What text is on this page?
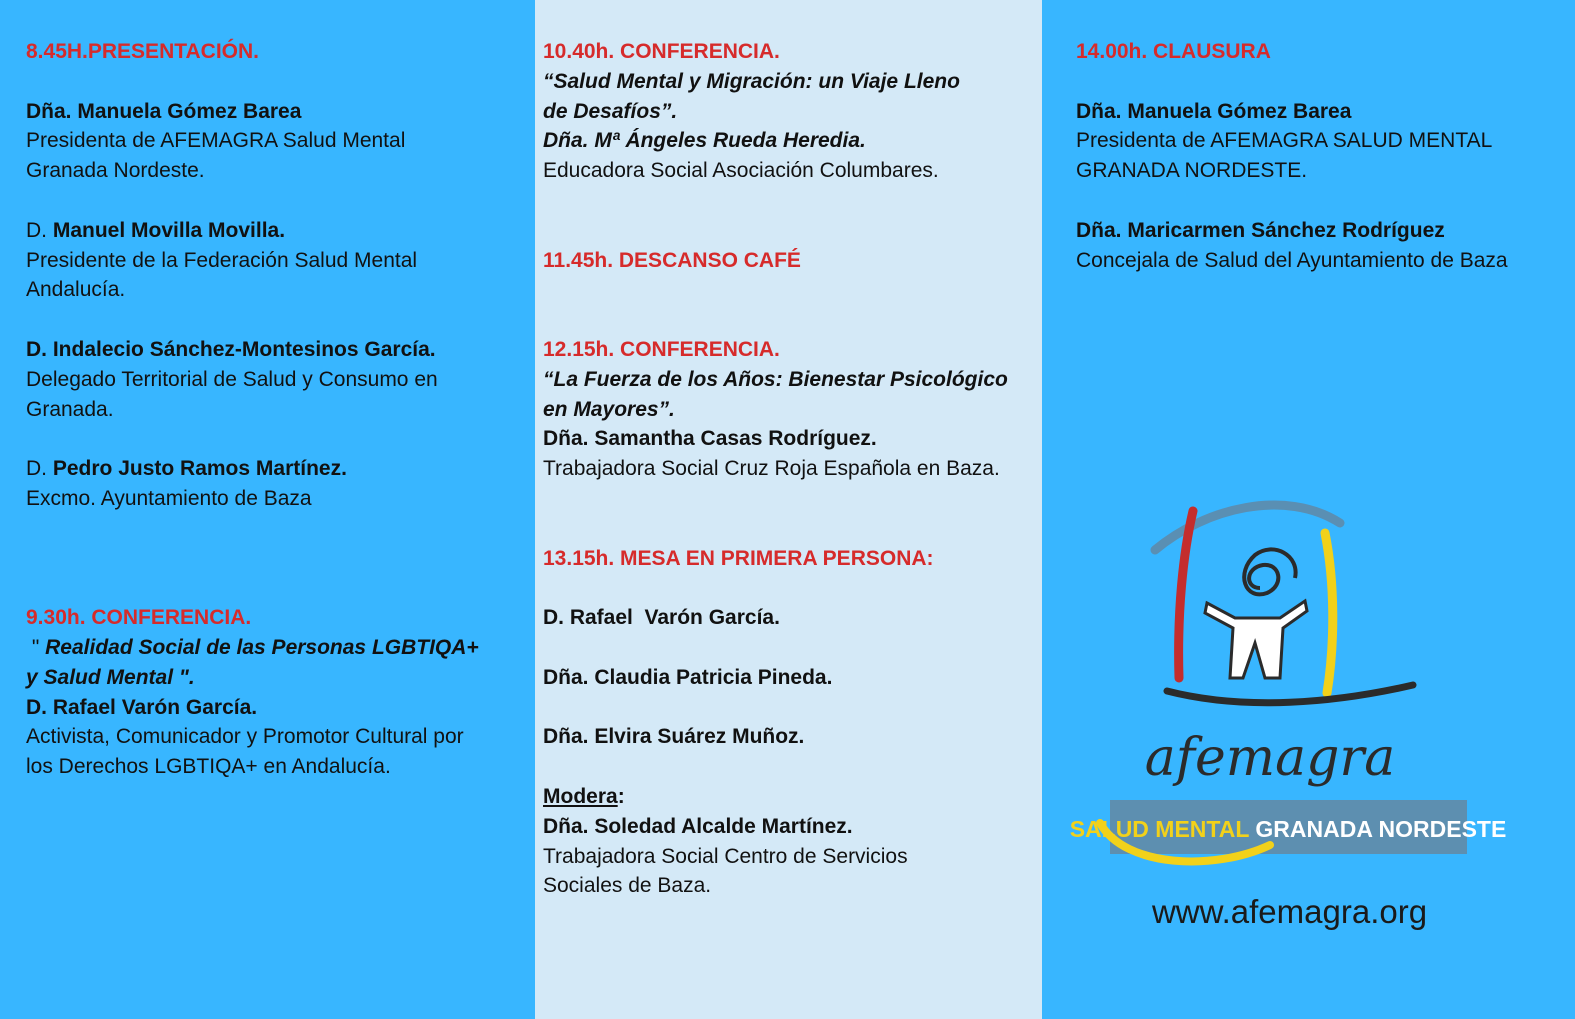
8.45H.PRESENTACIÓN.
Dña. Manuela Gómez Barea
Presidenta de AFEMAGRA Salud Mental
Granada Nordeste.
D. Manuel Movilla Movilla.
Presidente de la Federación Salud Mental
Andalucía.
D. Indalecio Sánchez-Montesinos García.
Delegado Territorial de Salud y Consumo en
Granada.
D. Pedro Justo Ramos Martínez.
Excmo. Ayuntamiento de Baza
9.30h. CONFERENCIA.
" Realidad Social de las Personas LGBTIQA+
y Salud Mental ".
D. Rafael Varón García.
Activista, Comunicador y Promotor Cultural por
los Derechos LGBTIQA+ en Andalucía.
10.40h. CONFERENCIA.
“Salud Mental y Migración: un Viaje Lleno
de Desafíos”.
Dña. Mª Ángeles Rueda Heredia.
Educadora Social Asociación Columbares.
11.45h. DESCANSO CAFÉ
12.15h. CONFERENCIA.
“La Fuerza de los Años: Bienestar Psicológico
en Mayores”.
Dña. Samantha Casas Rodríguez.
Trabajadora Social Cruz Roja Española en Baza.
13.15h. MESA EN PRIMERA PERSONA:
D. Rafael  Varón García.
Dña. Claudia Patricia Pineda.
Dña. Elvira Suárez Muñoz.
Modera:
Dña. Soledad Alcalde Martínez.
Trabajadora Social Centro de Servicios
Sociales de Baza.
14.00h. CLAUSURA
Dña. Manuela Gómez Barea
Presidenta de AFEMAGRA SALUD MENTAL
GRANADA NORDESTE.
Dña. Maricarmen Sánchez Rodríguez
Concejala de Salud del Ayuntamiento de Baza
afemagra
SALUD MENTAL GRANADA NORDESTE
www.afemagra.org
